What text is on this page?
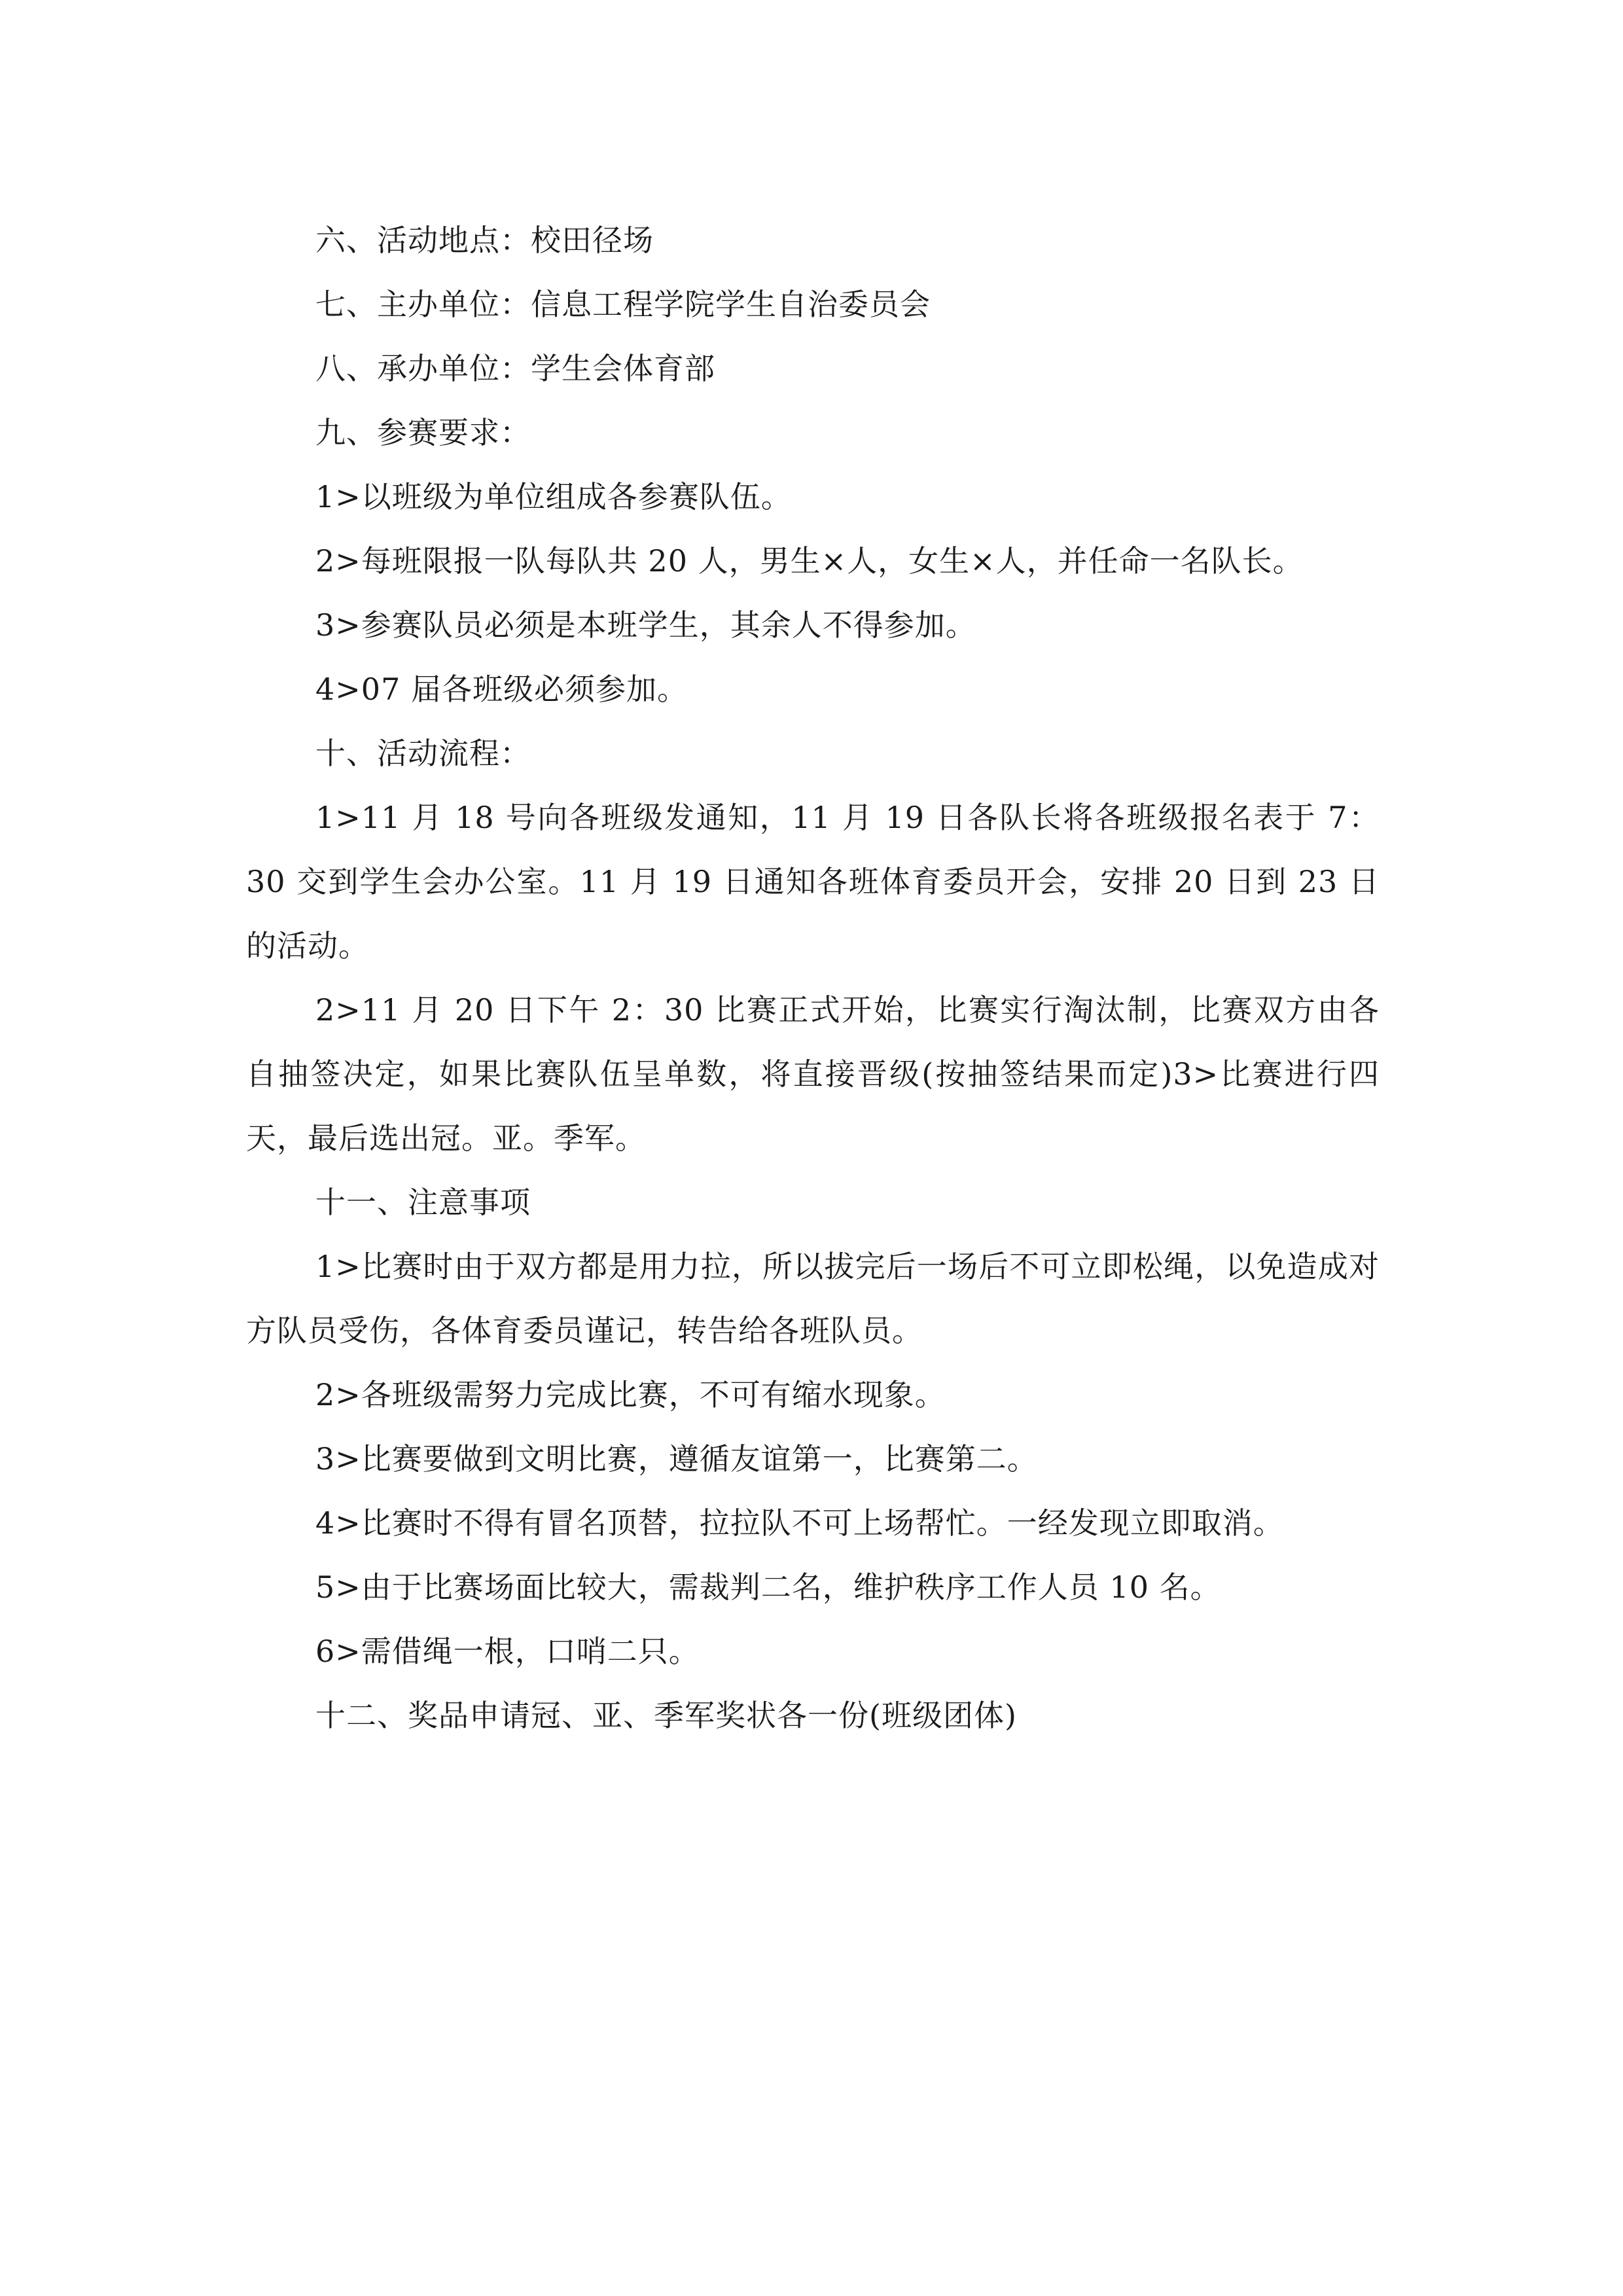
六、活动地点：校田径场
七、主办单位：信息工程学院学生自治委员会
八、承办单位：学生会体育部
九、参赛要求：
1>以班级为单位组成各参赛队伍。
2>每班限报一队每队共 20 人，男生×人，女生×人，并任命一名队长。
3>参赛队员必须是本班学生，其余人不得参加。
4>07 届各班级必须参加。
十、活动流程：
1>11 月 18 号向各班级发通知，11 月 19 日各队长将各班级报名表于 7：30 交到学生会办公室。11 月 19 日通知各班体育委员开会，安排 20 日到 23 日的活动。
2>11 月 20 日下午 2：30 比赛正式开始，比赛实行淘汰制，比赛双方由各自抽签决定，如果比赛队伍呈单数，将直接晋级(按抽签结果而定)3>比赛进行四天，最后选出冠。亚。季军。
十一、注意事项
1>比赛时由于双方都是用力拉，所以拔完后一场后不可立即松绳，以免造成对方队员受伤，各体育委员谨记，转告给各班队员。
2>各班级需努力完成比赛，不可有缩水现象。
3>比赛要做到文明比赛，遵循友谊第一，比赛第二。
4>比赛时不得有冒名顶替，拉拉队不可上场帮忙。一经发现立即取消。
5>由于比赛场面比较大，需裁判二名，维护秩序工作人员 10 名。
6>需借绳一根，口哨二只。
十二、奖品申请冠、亚、季军奖状各一份(班级团体)
